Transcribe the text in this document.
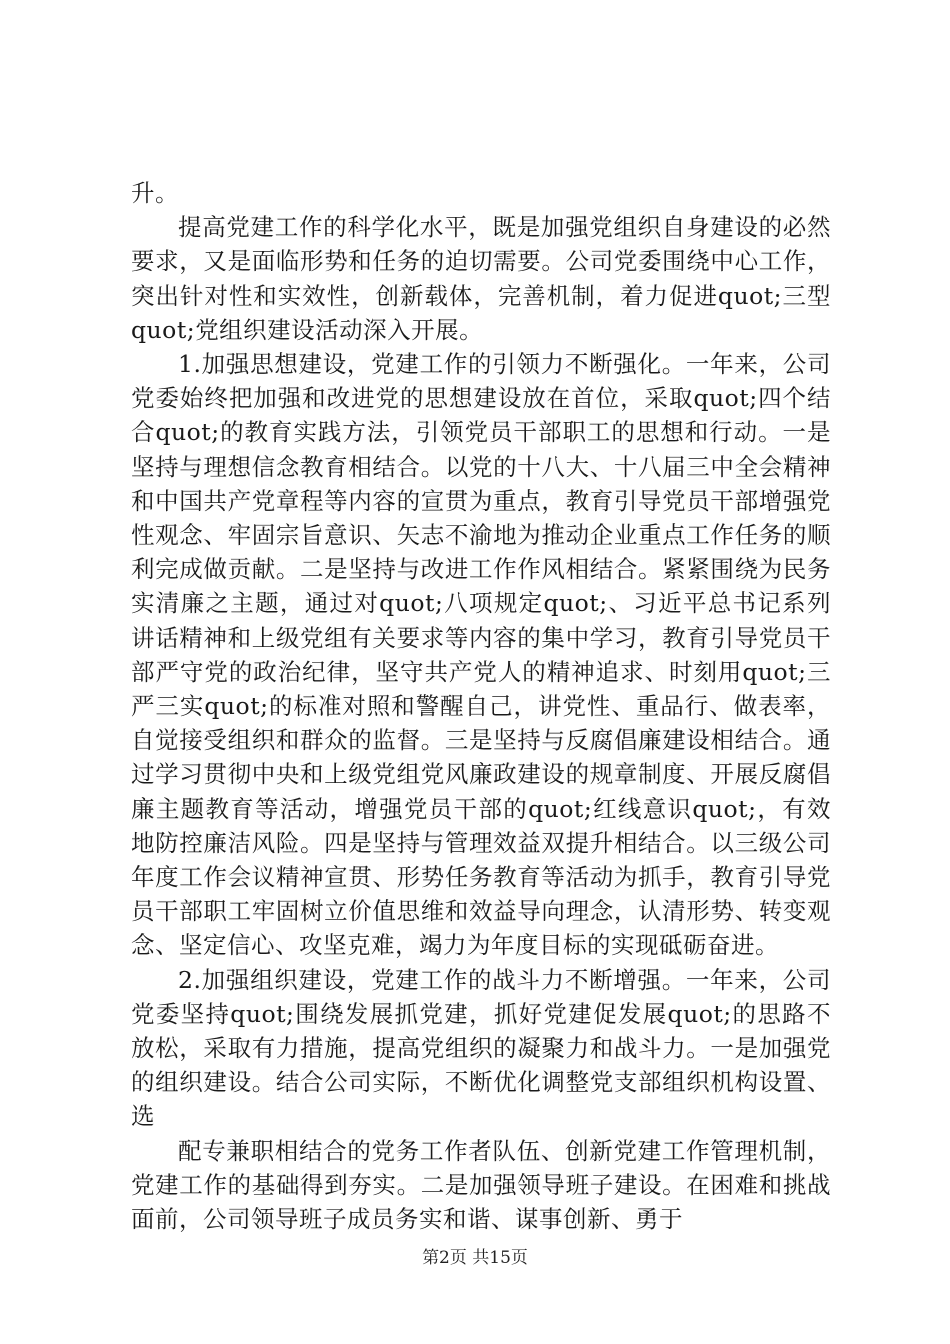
升。

提高党建工作的科学化水平，既是加强党组织自身建设的必然要求，又是面临形势和任务的迫切需要。公司党委围绕中心工作，突出针对性和实效性，创新载体，完善机制，着力促进quot;三型quot;党组织建设活动深入开展。

1.加强思想建设，党建工作的引领力不断强化。一年来，公司党委始终把加强和改进党的思想建设放在首位，采取quot;四个结合quot;的教育实践方法，引领党员干部职工的思想和行动。一是坚持与理想信念教育相结合。以党的十八大、十八届三中全会精神和中国共产党章程等内容的宣贯为重点，教育引导党员干部增强党性观念、牢固宗旨意识、矢志不渝地为推动企业重点工作任务的顺利完成做贡献。二是坚持与改进工作作风相结合。紧紧围绕为民务实清廉之主题，通过对quot;八项规定quot;、习近平总书记系列讲话精神和上级党组有关要求等内容的集中学习，教育引导党员干部严守党的政治纪律，坚守共产党人的精神追求、时刻用quot;三严三实quot;的标准对照和警醒自己，讲党性、重品行、做表率，自觉接受组织和群众的监督。三是坚持与反腐倡廉建设相结合。通过学习贯彻中央和上级党组党风廉政建设的规章制度、开展反腐倡廉主题教育等活动，增强党员干部的quot;红线意识quot;，有效地防控廉洁风险。四是坚持与管理效益双提升相结合。以三级公司年度工作会议精神宣贯、形势任务教育等活动为抓手，教育引导党员干部职工牢固树立价值思维和效益导向理念，认清形势、转变观念、坚定信心、攻坚克难，竭力为年度目标的实现砥砺奋进。

2.加强组织建设，党建工作的战斗力不断增强。一年来，公司党委坚持quot;围绕发展抓党建，抓好党建促发展quot;的思路不放松，采取有力措施，提高党组织的凝聚力和战斗力。一是加强党的组织建设。结合公司实际，不断优化调整党支部组织机构设置、选

配专兼职相结合的党务工作者队伍、创新党建工作管理机制，党建工作的基础得到夯实。二是加强领导班子建设。在困难和挑战面前，公司领导班子成员务实和谐、谋事创新、勇于

第2页 共15页
